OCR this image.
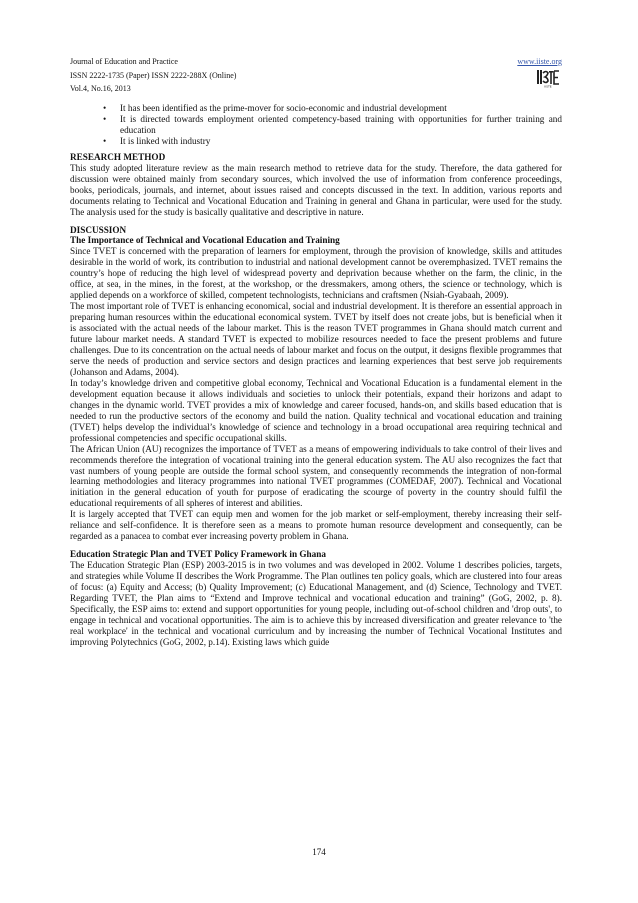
Journal of Education and Practice
ISSN 2222-1735 (Paper) ISSN 2222-288X (Online)
Vol.4, No.16, 2013
www.iiste.org
IISTE
• It has been identified as the prime-mover for socio-economic and industrial development
• It is directed towards employment oriented competency-based training with opportunities for further training and education
• It is linked with industry

RESEARCH METHOD

This study adopted literature review as the main research method to retrieve data for the study. Therefore, the data gathered for discussion were obtained mainly from secondary sources, which involved the use of information from conference proceedings, books, periodicals, journals, and internet, about issues raised and concepts discussed in the text. In addition, various reports and documents relating to Technical and Vocational Education and Training in general and Ghana in particular, were used for the study. The analysis used for the study is basically qualitative and descriptive in nature.

DISCUSSION

The Importance of Technical and Vocational Education and Training

Since TVET is concerned with the preparation of learners for employment, through the provision of knowledge, skills and attitudes desirable in the world of work, its contribution to industrial and national development cannot be overemphasized. TVET remains the country’s hope of reducing the high level of widespread poverty and deprivation because whether on the farm, the clinic, in the office, at sea, in the mines, in the forest, at the workshop, or the dressmakers, among others, the science or technology, which is applied depends on a workforce of skilled, competent technologists, technicians and craftsmen (Nsiah-Gyabaah, 2009).

The most important role of TVET is enhancing economical, social and industrial development. It is therefore an essential approach in preparing human resources within the educational economical system. TVET by itself does not create jobs, but is beneficial when it is associated with the actual needs of the labour market. This is the reason TVET programmes in Ghana should match current and future labour market needs. A standard TVET is expected to mobilize resources needed to face the present problems and future challenges. Due to its concentration on the actual needs of labour market and focus on the output, it designs flexible programmes that serve the needs of production and service sectors and design practices and learning experiences that best serve job requirements (Johanson and Adams, 2004).

In today’s knowledge driven and competitive global economy, Technical and Vocational Education is a fundamental element in the development equation because it allows individuals and societies to unlock their potentials, expand their horizons and adapt to changes in the dynamic world. TVET provides a mix of knowledge and career focused, hands-on, and skills based education that is needed to run the productive sectors of the economy and build the nation. Quality technical and vocational education and training (TVET) helps develop the individual’s knowledge of science and technology in a broad occupational area requiring technical and professional competencies and specific occupational skills.

The African Union (AU) recognizes the importance of TVET as a means of empowering individuals to take control of their lives and recommends therefore the integration of vocational training into the general education system. The AU also recognizes the fact that vast numbers of young people are outside the formal school system, and consequently recommends the integration of non-formal learning methodologies and literacy programmes into national TVET programmes (COMEDAF, 2007). Technical and Vocational initiation in the general education of youth for purpose of eradicating the scourge of poverty in the country should fulfil the educational requirements of all spheres of interest and abilities.

It is largely accepted that TVET can equip men and women for the job market or self-employment, thereby increasing their self-reliance and self-confidence. It is therefore seen as a means to promote human resource development and consequently, can be regarded as a panacea to combat ever increasing poverty problem in Ghana.

Education Strategic Plan and TVET Policy Framework in Ghana

The Education Strategic Plan (ESP) 2003-2015 is in two volumes and was developed in 2002. Volume 1 describes policies, targets, and strategies while Volume II describes the Work Programme. The Plan outlines ten policy goals, which are clustered into four areas of focus: (a) Equity and Access; (b) Quality Improvement; (c) Educational Management, and (d) Science, Technology and TVET. Regarding TVET, the Plan aims to “Extend and Improve technical and vocational education and training” (GoG, 2002, p. 8). Specifically, the ESP aims to: extend and support opportunities for young people, including out-of-school children and 'drop outs', to engage in technical and vocational opportunities. The aim is to achieve this by increased diversification and greater relevance to 'the real workplace' in the technical and vocational curriculum and by increasing the number of Technical Vocational Institutes and improving Polytechnics (GoG, 2002, p.14). Existing laws which guide

174
